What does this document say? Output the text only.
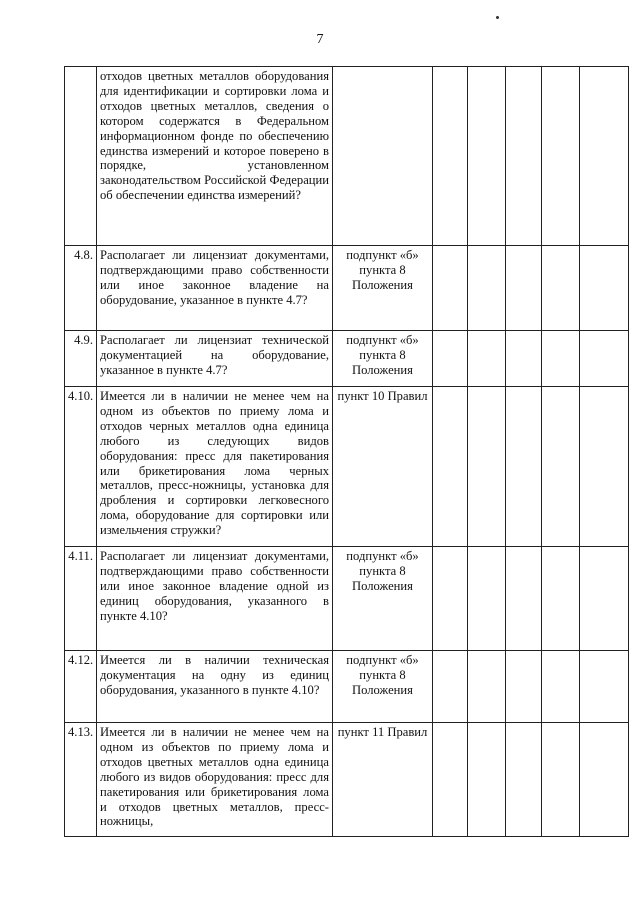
7
	отходов цветных металлов оборудования для идентификации и сортировки лома и отходов цветных металлов, сведения о котором содержатся в Федеральном информационном фонде по обеспечению единства измерений и которое поверено в порядке, установленном законодательством Российской Федерации об обеспечении единства измерений?						
4.8.	Располагает ли лицензиат документами, подтверждающими право собственности или иное законное владение на оборудование, указанное в пункте 4.7?	подпункт «б» пункта 8 Положения					
4.9.	Располагает ли лицензиат технической документацией на оборудование, указанное в пункте 4.7?	подпункт «б» пункта 8 Положения					
4.10.	Имеется ли в наличии не менее чем на одном из объектов по приему лома и отходов черных металлов одна единица любого из следующих видов оборудования: пресс для пакетирования или брикетирования лома черных металлов, пресс-ножницы, установка для дробления и сортировки легковесного лома, оборудование для сортировки или измельчения стружки?	пункт 10 Правил					
4.11.	Располагает ли лицензиат документами, подтверждающими право собственности или иное законное владение одной из единиц оборудования, указанного в пункте 4.10?	подпункт «б» пункта 8 Положения					
4.12.	Имеется ли в наличии техническая документация на одну из единиц оборудования, указанного в пункте 4.10?	подпункт «б» пункта 8 Положения					
4.13.	Имеется ли в наличии не менее чем на одном из объектов по приему лома и отходов цветных металлов одна единица любого из видов оборудования: пресс для пакетирования или брикетирования лома и отходов цветных металлов, пресс-ножницы,	пункт 11 Правил					
